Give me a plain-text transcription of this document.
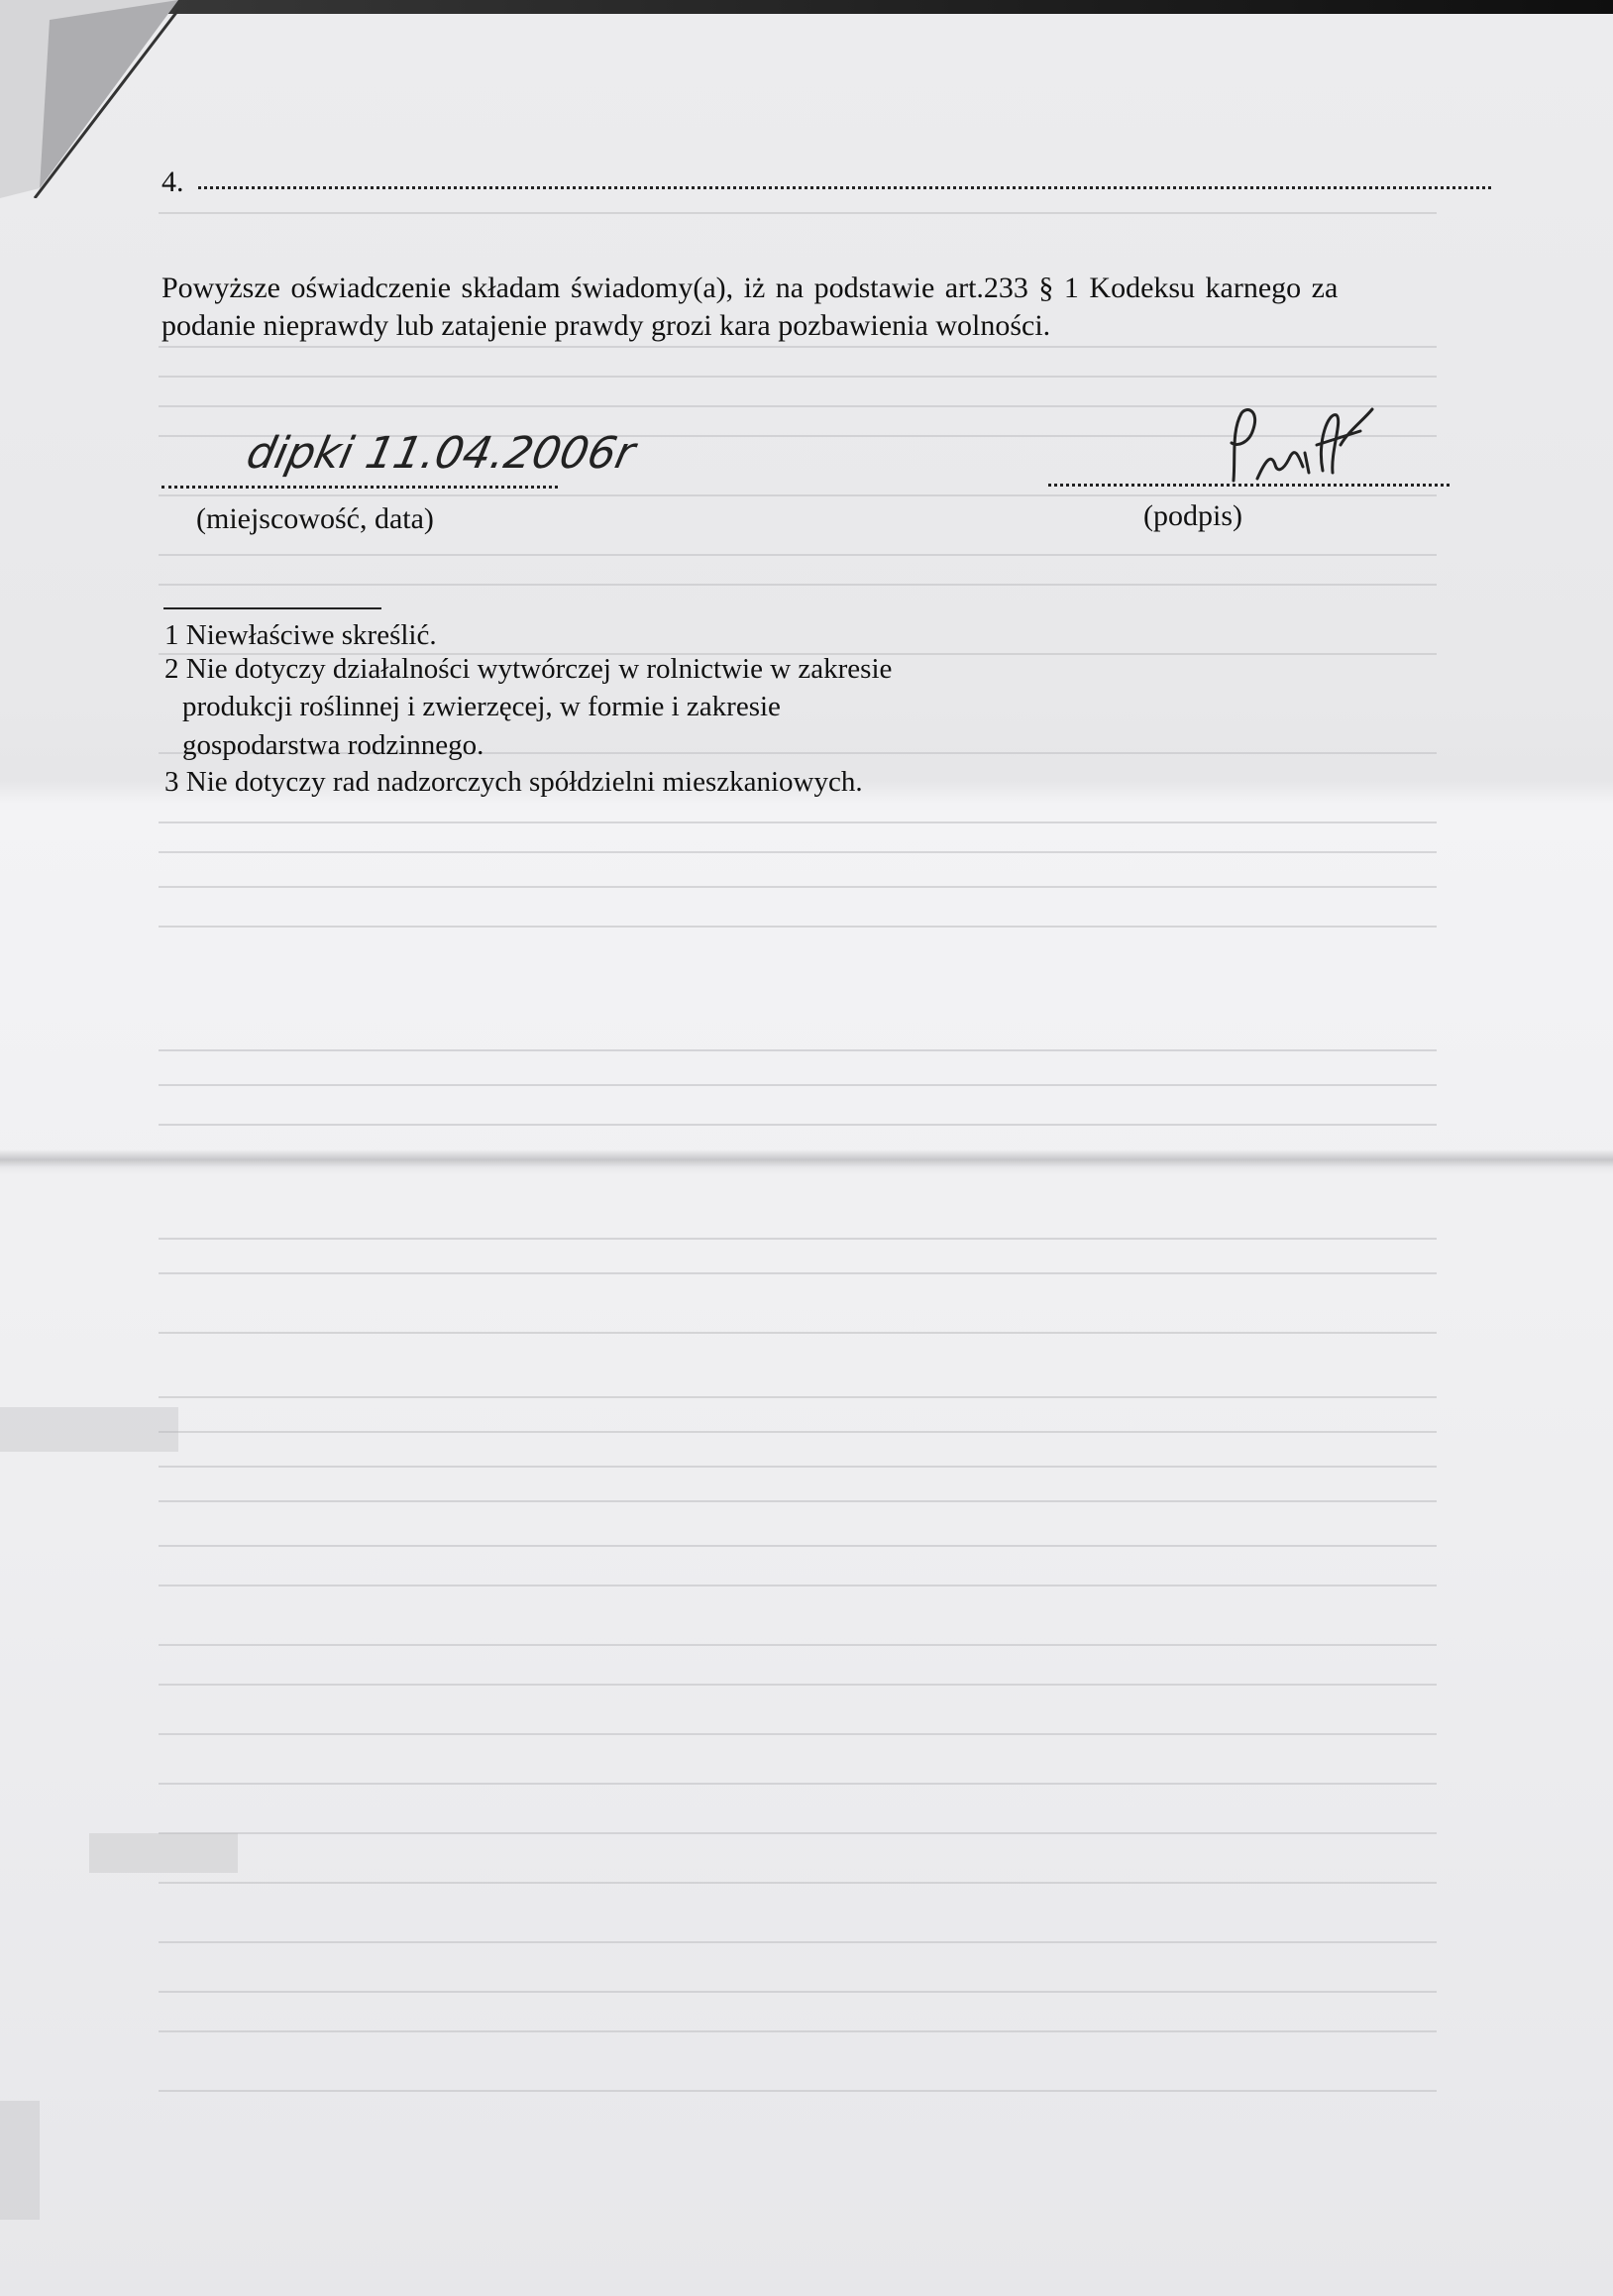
4.
Powyższe oświadczenie składam świadomy(a), iż na podstawie art.233 § 1 Kodeksu karnego za
podanie nieprawdy lub zatajenie prawdy grozi kara pozbawienia wolności.
dipki 11.04.2006r
(miejscowość, data)	(podpis)
1 Niewłaściwe skreślić.
2 Nie dotyczy działalności wytwórczej w rolnictwie w zakresie
produkcji roślinnej i zwierzęcej, w formie i zakresie
gospodarstwa rodzinnego.
3 Nie dotyczy rad nadzorczych spółdzielni mieszkaniowych.
